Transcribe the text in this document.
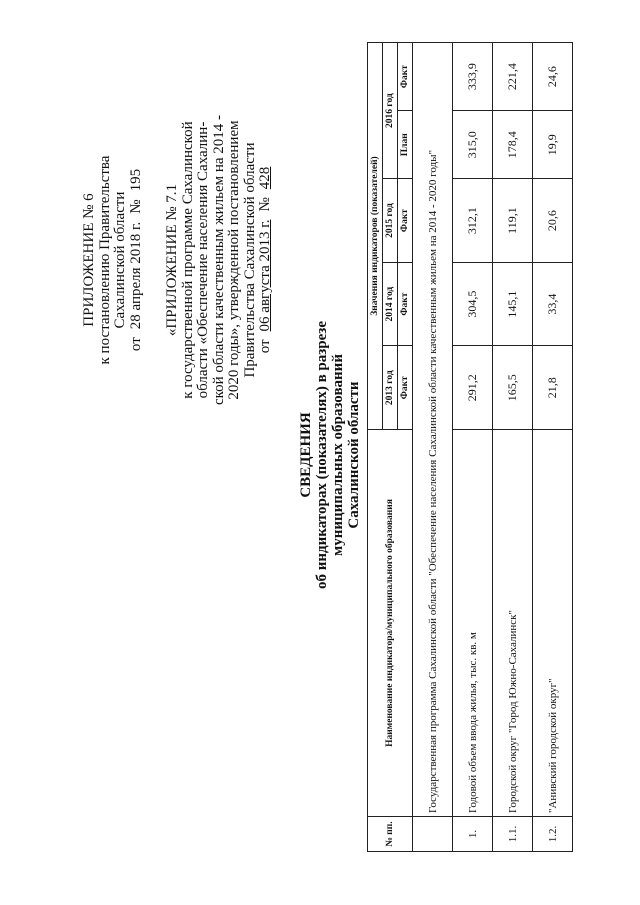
ПРИЛОЖЕНИЕ № 6 к постановлению Правительства Сахалинской области
от
28 апреля 2018 г.
№
195
«ПРИЛОЖЕНИЕ № 7.1 к государственной программе Сахалинской области «Обеспечение населения Сахалин- ской области качественным жильем на 2014 - 2020 годы», утвержденной постановлением Правительства Сахалинской области от
06 августа 2013 г.
№
428
СВЕДЕНИЯ об индикаторах (показателях) в разрезе муниципальных образований Сахалинской области
№ пп.	Наименование индикатора/муниципального образования	Значения индикаторов (показателей)				
		2013 год	2014 год	2015 год	2016 год	
		Факт	Факт	Факт	План	Факт
	Государственная программа Сахалинской области "Обеспечение населения Сахалинской области качественным жильем на 2014 - 2020 годы"					
1.	Годовой объем ввода жилья, тыс. кв. м	291,2	304,5	312,1	315,0	333,9
1.1.	Городской округ "Город Южно-Сахалинск"	165,5	145,1	119,1	178,4	221,4
1.2.	"Анивский городской округ"	21,8	33,4	20,6	19,9	24,6
